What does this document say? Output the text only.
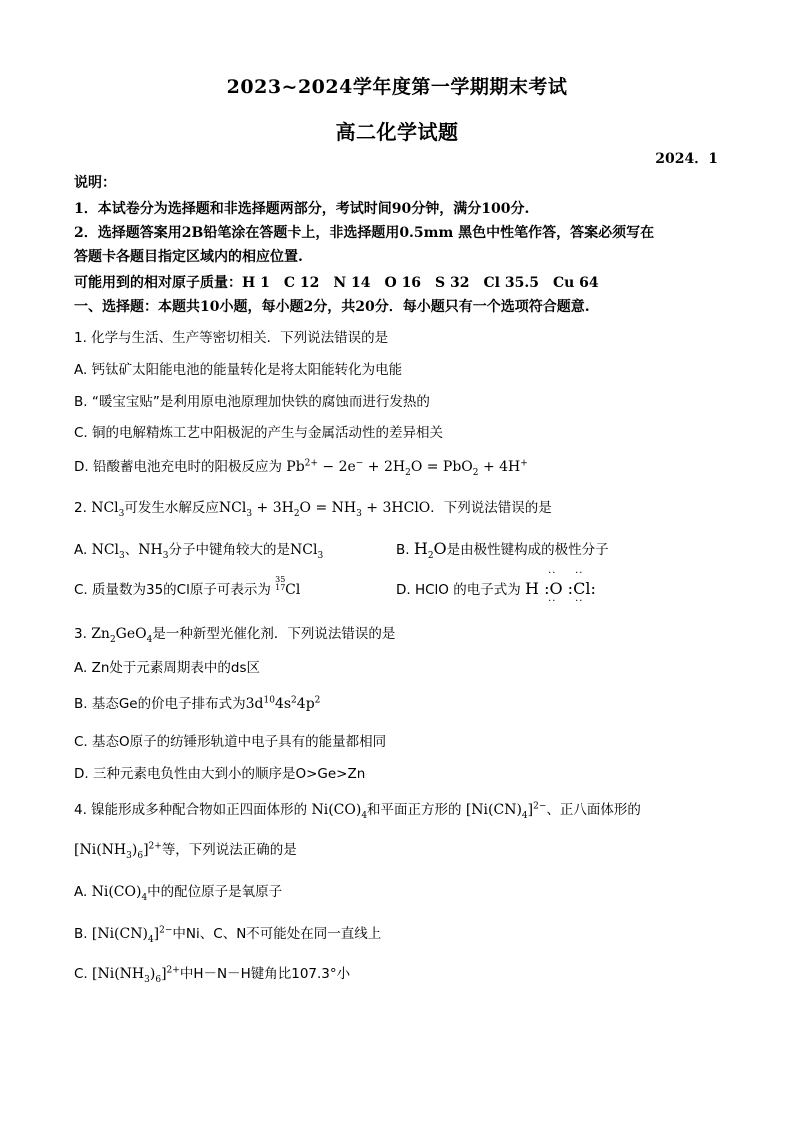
2023~2024学年度第一学期期末考试
高二化学试题
2024．1
说明：
1．本试卷分为选择题和非选择题两部分，考试时间90分钟，满分100分.
2．选择题答案用2B铅笔涂在答题卡上，非选择题用0.5mm 黑色中性笔作答，答案必须写在
答题卡各题目指定区域内的相应位置.
可能用到的相对原子质量：H 1　C 12　N 14　O 16　S 32　Cl 35.5　Cu 64
一、选择题：本题共10小题，每小题2分，共20分．每小题只有一个选项符合题意.
1. 化学与生活、生产等密切相关．下列说法错误的是
A. 钙钛矿太阳能电池的能量转化是将太阳能转化为电能
B. “暖宝宝贴”是利用原电池原理加快铁的腐蚀而进行发热的
C. 铜的电解精炼工艺中阳极泥的产生与金属活动性的差异相关
D. 铅酸蓄电池充电时的阳极反应为 $Pb^{2+} - 2e^- + 2H_2O = PbO_2 + 4H^+$
2. NCl$_3$可发生水解反应$NCl_3 + 3H_2O = NH_3$ + 3HClO．下列说法错误的是
A. NCl$_3$、$NH_3$分子中键角较大的是NCl$_3$	B. $H_2O$是由极性键构成的极性分子
C. 质量数为35的Cl原子可表示为
35
17 Cl	D. HClO 的电子式为 H :
··
··
O :Cl
··
··
:
3. $Zn_2GeO_4$是一种新型光催化剂．下列说法错误的是
A. Zn处于元素周期表中的ds区
B. 基态Ge的价电子排布式为$3d^{10}4s^24p^2$
C. 基态O原子的纺锤形轨道中电子具有的能量都相同
D. 三种元素电负性由大到小的顺序是O>Ge>Zn
4. 镍能形成多种配合物如正四面体形的 $Ni(CO)_4$和平面正方形的 $[Ni(CN)_4]^{2-}$、正八面体形的
$[Ni(NH_3)_6]^{2+}$等，下列说法正确的是
A. $Ni(CO)_4$中的配位原子是氧原子
B. $[Ni(CN)_4]^{2-}$中Ni、C、N不可能处在同一直线上
C. $[Ni(NH_3)_6]^{2+}$中H－N－H键角比107.3°小
